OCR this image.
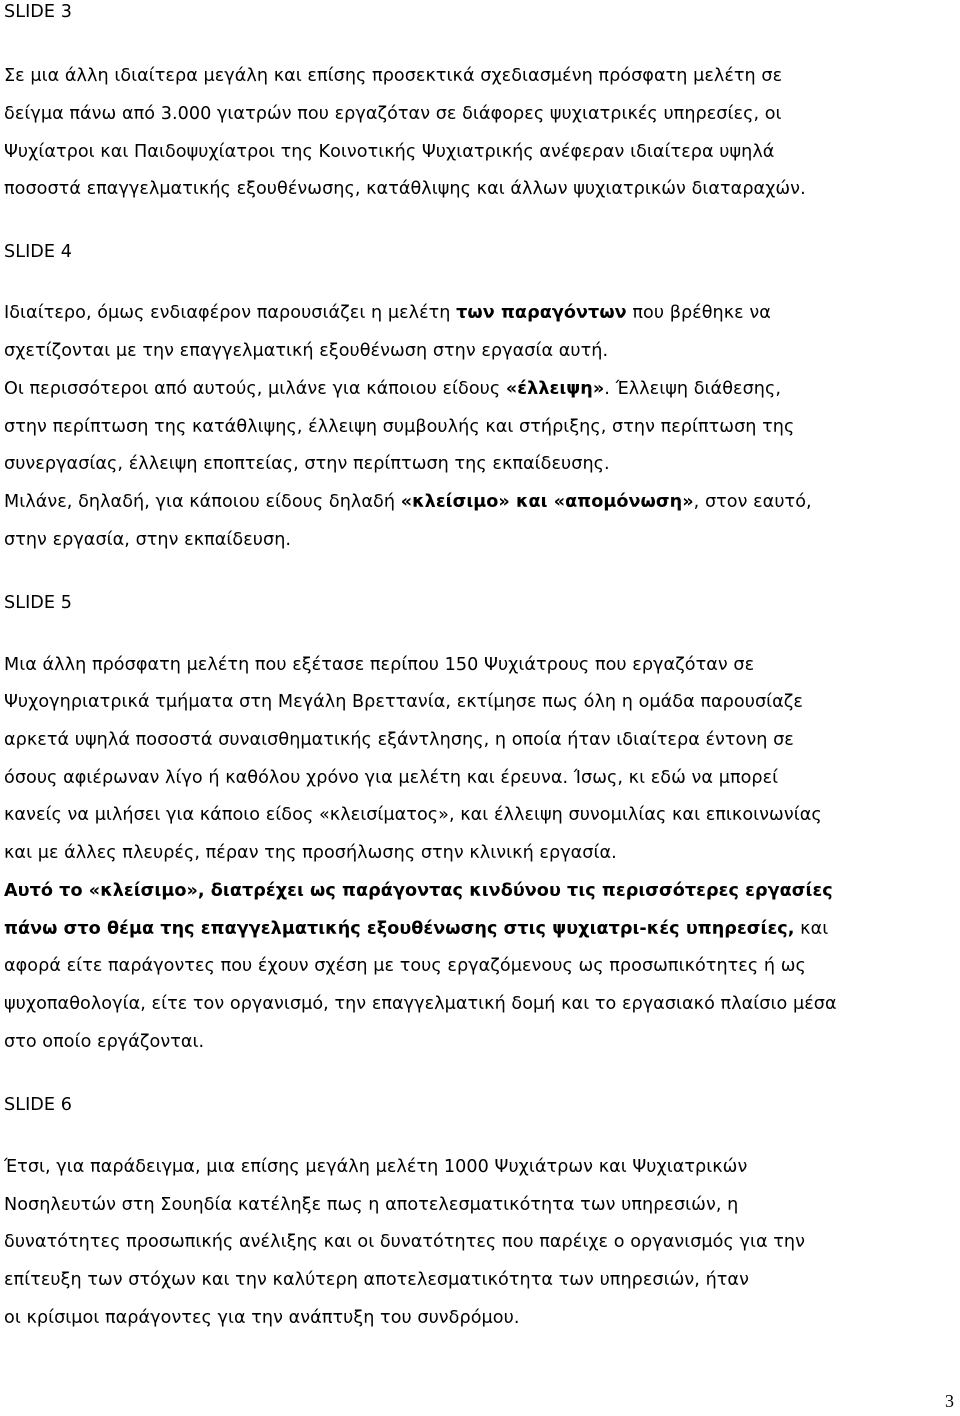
SLIDE 3
Σε μια άλλη ιδιαίτερα μεγάλη και επίσης προσεκτικά σχεδιασμένη πρόσφατη μελέτη σε
δείγμα πάνω από 3.000 γιατρών που εργαζόταν σε διάφορες ψυχιατρικές υπηρεσίες, οι
Ψυχίατροι και Παιδοψυχίατροι της Κοινοτικής Ψυχιατρικής ανέφεραν ιδιαίτερα υψηλά
ποσοστά επαγγελματικής εξουθένωσης, κατάθλιψης και άλλων ψυχιατρικών διαταραχών.
SLIDE 4
Ιδιαίτερο, όμως ενδιαφέρον παρουσιάζει η μελέτη των παραγόντων που βρέθηκε να
σχετίζονται με την επαγγελματική εξουθένωση στην εργασία αυτή.
Οι περισσότεροι από αυτούς, μιλάνε για κάποιου είδους «έλλειψη». Έλλειψη διάθεσης,
στην περίπτωση της κατάθλιψης, έλλειψη συμβουλής και στήριξης, στην περίπτωση της
συνεργασίας, έλλειψη εποπτείας, στην περίπτωση της εκπαίδευσης.
Μιλάνε, δηλαδή, για κάποιου είδους δηλαδή «κλείσιμο» και «απομόνωση», στον εαυτό,
στην εργασία, στην εκπαίδευση.
SLIDE 5
Μια άλλη πρόσφατη μελέτη που εξέτασε περίπου 150 Ψυχιάτρους που εργαζόταν σε
Ψυχογηριατρικά τμήματα στη Μεγάλη Βρεττανία, εκτίμησε πως όλη η ομάδα παρουσίαζε
αρκετά υψηλά ποσοστά συναισθηματικής εξάντλησης, η οποία ήταν ιδιαίτερα έντονη σε
όσους αφιέρωναν λίγο ή καθόλου χρόνο για μελέτη και έρευνα. Ίσως, κι εδώ να μπορεί
κανείς να μιλήσει για κάποιο είδος «κλεισίματος», και έλλειψη συνομιλίας και επικοινωνίας
και με άλλες πλευρές, πέραν της προσήλωσης στην κλινική εργασία.
Αυτό το «κλείσιμο», διατρέχει ως παράγοντας κινδύνου τις περισσότερες εργασίες
πάνω στο θέμα της επαγγελματικής εξουθένωσης στις ψυχιατρι-κές υπηρεσίες, και
αφορά είτε παράγοντες που έχουν σχέση με τους εργαζόμενους ως προσωπικότητες ή ως
ψυχοπαθολογία, είτε τον οργανισμό, την επαγγελματική δομή και το εργασιακό πλαίσιο μέσα
στο οποίο εργάζονται.
SLIDE 6
Έτσι, για παράδειγμα, μια επίσης μεγάλη μελέτη 1000 Ψυχιάτρων και Ψυχιατρικών
Νοσηλευτών στη Σουηδία κατέληξε πως η αποτελεσματικότητα των υπηρεσιών, η
δυνατότητες προσωπικής ανέλιξης και οι δυνατότητες που παρέιχε ο οργανισμός για την
επίτευξη των στόχων και την καλύτερη αποτελεσματικότητα των υπηρεσιών, ήταν
οι κρίσιμοι παράγοντες για την ανάπτυξη του συνδρόμου.
3
